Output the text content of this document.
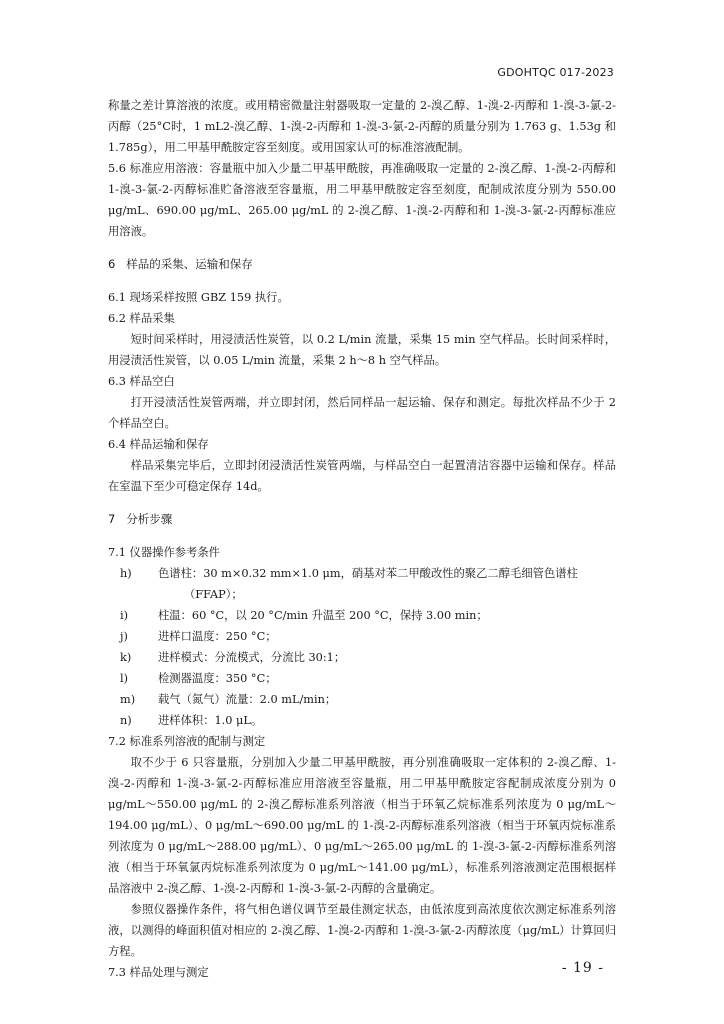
GDOHTQC 017-2023

称量之差计算溶液的浓度。或用精密微量注射器吸取一定量的 2-溴乙醇、1-溴-2-丙醇和 1-溴-3-氯-2-丙醇（25°C时，1 mL2-溴乙醇、1-溴-2-丙醇和 1-溴-3-氯-2-丙醇的质量分别为 1.763 g、1.53g 和 1.785g），用二甲基甲酰胺定容至刻度。或用国家认可的标准溶液配制。

5.6 标准应用溶液：容量瓶中加入少量二甲基甲酰胺，再准确吸取一定量的 2-溴乙醇、1-溴-2-丙醇和 1-溴-3-氯-2-丙醇标准贮备溶液至容量瓶，用二甲基甲酰胺定容至刻度，配制成浓度分别为 550.00 μg/mL、690.00 μg/mL、265.00 μg/mL 的 2-溴乙醇、1-溴-2-丙醇和和 1-溴-3-氯-2-丙醇标准应用溶液。

6   样品的采集、运输和保存

6.1 现场采样按照 GBZ 159 执行。

6.2 样品采集

短时间采样时，用浸渍活性炭管，以 0.2 L/min 流量，采集 15 min 空气样品。长时间采样时，用浸渍活性炭管，以 0.05 L/min 流量，采集 2 h～8 h 空气样品。

6.3 样品空白

打开浸渍活性炭管两端，并立即封闭，然后同样品一起运输、保存和测定。每批次样品不少于 2 个样品空白。

6.4 样品运输和保存

样品采集完毕后，立即封闭浸渍活性炭管两端，与样品空白一起置清洁容器中运输和保存。样品在室温下至少可稳定保存 14d。

7   分析步骤

7.1 仪器操作参考条件

h)	色谱柱：30 m×0.32 mm×1.0 μm，硝基对苯二甲酸改性的聚乙二醇毛细管色谱柱
（FFAP）；
i)	柱温：60 °C，以 20 °C/min 升温至 200 °C，保持 3.00 min；
j)	进样口温度：250 °C；
k)	进样模式：分流模式，分流比 30:1；
l)	检测器温度：350 °C；
m)	载气（氮气）流量：2.0 mL/min；
n)	进样体积：1.0 μL。

7.2 标准系列溶液的配制与测定

取不少于 6 只容量瓶，分别加入少量二甲基甲酰胺，再分别准确吸取一定体积的 2-溴乙醇、1-溴-2-丙醇和 1-溴-3-氯-2-丙醇标准应用溶液至容量瓶，用二甲基甲酰胺定容配制成浓度分别为 0 μg/mL～550.00 μg/mL 的 2-溴乙醇标准系列溶液（相当于环氧乙烷标准系列浓度为 0 μg/mL～194.00 μg/mL）、0 μg/mL～690.00 μg/mL 的 1-溴-2-丙醇标准系列溶液（相当于环氧丙烷标准系列浓度为 0 μg/mL～288.00 μg/mL）、0 μg/mL～265.00 μg/mL 的 1-溴-3-氯-2-丙醇标准系列溶液（相当于环氧氯丙烷标准系列浓度为 0 μg/mL～141.00 μg/mL），标准系列溶液测定范围根据样品溶液中 2-溴乙醇、1-溴-2-丙醇和 1-溴-3-氯-2-丙醇的含量确定。

参照仪器操作条件，将气相色谱仪调节至最佳测定状态，由低浓度到高浓度依次测定标准系列溶液，以测得的峰面积值对相应的 2-溴乙醇、1-溴-2-丙醇和 1-溴-3-氯-2-丙醇浓度（μg/mL）计算回归方程。

7.3 样品处理与测定	- 19 -
